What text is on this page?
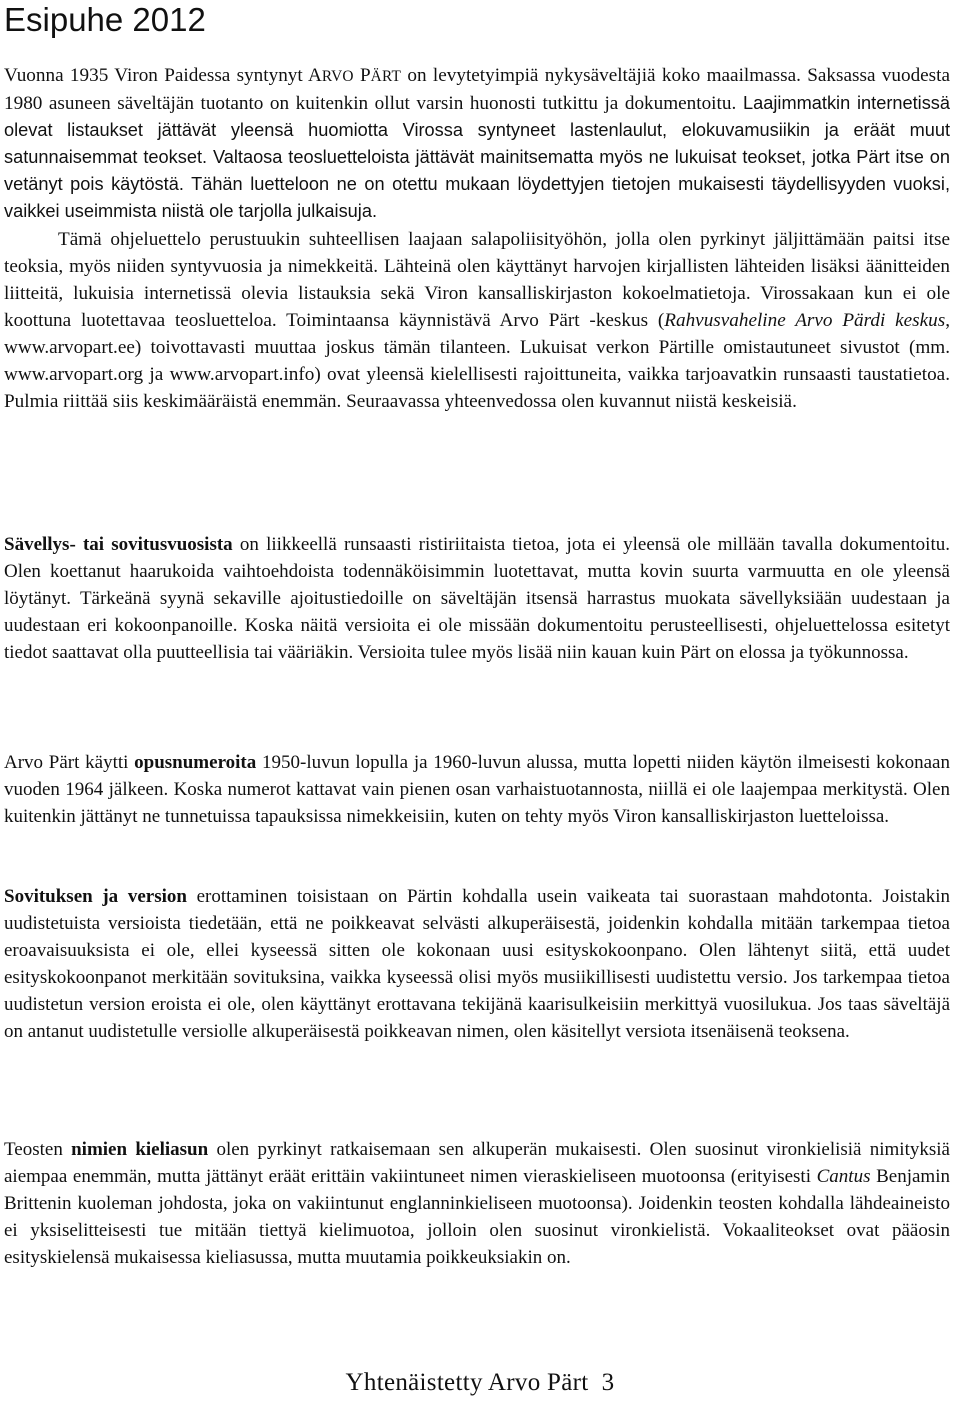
Esipuhe 2012

Vuonna 1935 Viron Paidessa syntynyt ARVO PÄRT on levytetyimpiä nykysäveltäjiä koko maailmassa. Saksassa vuodesta 1980 asuneen säveltäjän tuotanto on kuitenkin ollut varsin huonosti tutkittu ja dokumentoitu. Laajimmatkin internetissä olevat listaukset jättävät yleensä huomiotta Virossa syntyneet lastenlaulut, elokuvamusiikin ja eräät muut satunnaisemmat teokset. Valtaosa teosluetteloista jättävät mainitsematta myös ne lukuisat teokset, jotka Pärt itse on vetänyt pois käytöstä. Tähän luetteloon ne on otettu mukaan löydettyjen tietojen mukaisesti täydellisyyden vuoksi, vaikkei useimmista niistä ole tarjolla julkaisuja.

Tämä ohjeluettelo perustuukin suhteellisen laajaan salapoliisityöhön, jolla olen pyrkinyt jäljittämään paitsi itse teoksia, myös niiden syntyvuosia ja nimekkeitä. Lähteinä olen käyttänyt harvojen kirjallisten lähteiden lisäksi äänitteiden liitteitä, lukuisia internetissä olevia listauksia sekä Viron kansalliskirjaston kokoelmatietoja. Virossakaan kun ei ole koottuna luotettavaa teosluetteloa. Toimintaansa käynnistävä Arvo Pärt -keskus (Rahvusvaheline Arvo Pärdi keskus, www.arvopart.ee) toivottavasti muuttaa joskus tämän tilanteen. Lukuisat verkon Pärtille omistautuneet sivustot (mm. www.arvopart.org ja www.arvopart.info) ovat yleensä kielellisesti rajoittuneita, vaikka tarjoavatkin runsaasti taustatietoa. Pulmia riittää siis keskimääräistä enemmän. Seuraavassa yhteenvedossa olen kuvannut niistä keskeisiä.

Sävellys- tai sovitusvuosista on liikkeellä runsaasti ristiriitaista tietoa, jota ei yleensä ole millään tavalla dokumentoitu. Olen koettanut haarukoida vaihtoehdoista todennäköisimmin luotettavat, mutta kovin suurta varmuutta en ole yleensä löytänyt. Tärkeänä syynä sekaville ajoitustiedoille on säveltäjän itsensä harrastus muokata sävellyksiään uudestaan ja uudestaan eri kokoonpanoille. Koska näitä versioita ei ole missään dokumentoitu perusteellisesti, ohjeluettelossa esitetyt tiedot saattavat olla puutteellisia tai vääriäkin. Versioita tulee myös lisää niin kauan kuin Pärt on elossa ja työkunnossa.

Arvo Pärt käytti opusnumeroita 1950-luvun lopulla ja 1960-luvun alussa, mutta lopetti niiden käytön ilmeisesti kokonaan vuoden 1964 jälkeen. Koska numerot kattavat vain pienen osan varhaistuotannosta, niillä ei ole laajempaa merkitystä. Olen kuitenkin jättänyt ne tunnetuissa tapauksissa nimekkeisiin, kuten on tehty myös Viron kansalliskirjaston luetteloissa.

Sovituksen ja version erottaminen toisistaan on Pärtin kohdalla usein vaikeata tai suorastaan mahdotonta. Joistakin uudistetuista versioista tiedetään, että ne poikkeavat selvästi alkuperäisestä, joidenkin kohdalla mitään tarkempaa tietoa eroavaisuuksista ei ole, ellei kyseessä sitten ole kokonaan uusi esityskokoonpano. Olen lähtenyt siitä, että uudet esityskokoonpanot merkitään sovituksina, vaikka kyseessä olisi myös musiikillisesti uudistettu versio. Jos tarkempaa tietoa uudistetun version eroista ei ole, olen käyttänyt erottavana tekijänä kaarisulkeisiin merkittyä vuosilukua. Jos taas säveltäjä on antanut uudistetulle versiolle alkuperäisestä poikkeavan nimen, olen käsitellyt versiota itsenäisenä teoksena.

Teosten nimien kieliasun olen pyrkinyt ratkaisemaan sen alkuperän mukaisesti. Olen suosinut vironkielisiä nimityksiä aiempaa enemmän, mutta jättänyt eräät erittäin vakiintuneet nimen vieraskieliseen muotoonsa (erityisesti Cantus Benjamin Brittenin kuoleman johdosta, joka on vakiintunut englanninkieliseen muotoonsa). Joidenkin teosten kohdalla lähdeaineisto ei yksiselitteisesti tue mitään tiettyä kielimuotoa, jolloin olen suosinut vironkielistä. Vokaaliteokset ovat pääosin esityskielensä mukaisessa kieliasussa, mutta muutamia poikkeuksiakin on.

Yhtenäistetty Arvo Pärt 3
